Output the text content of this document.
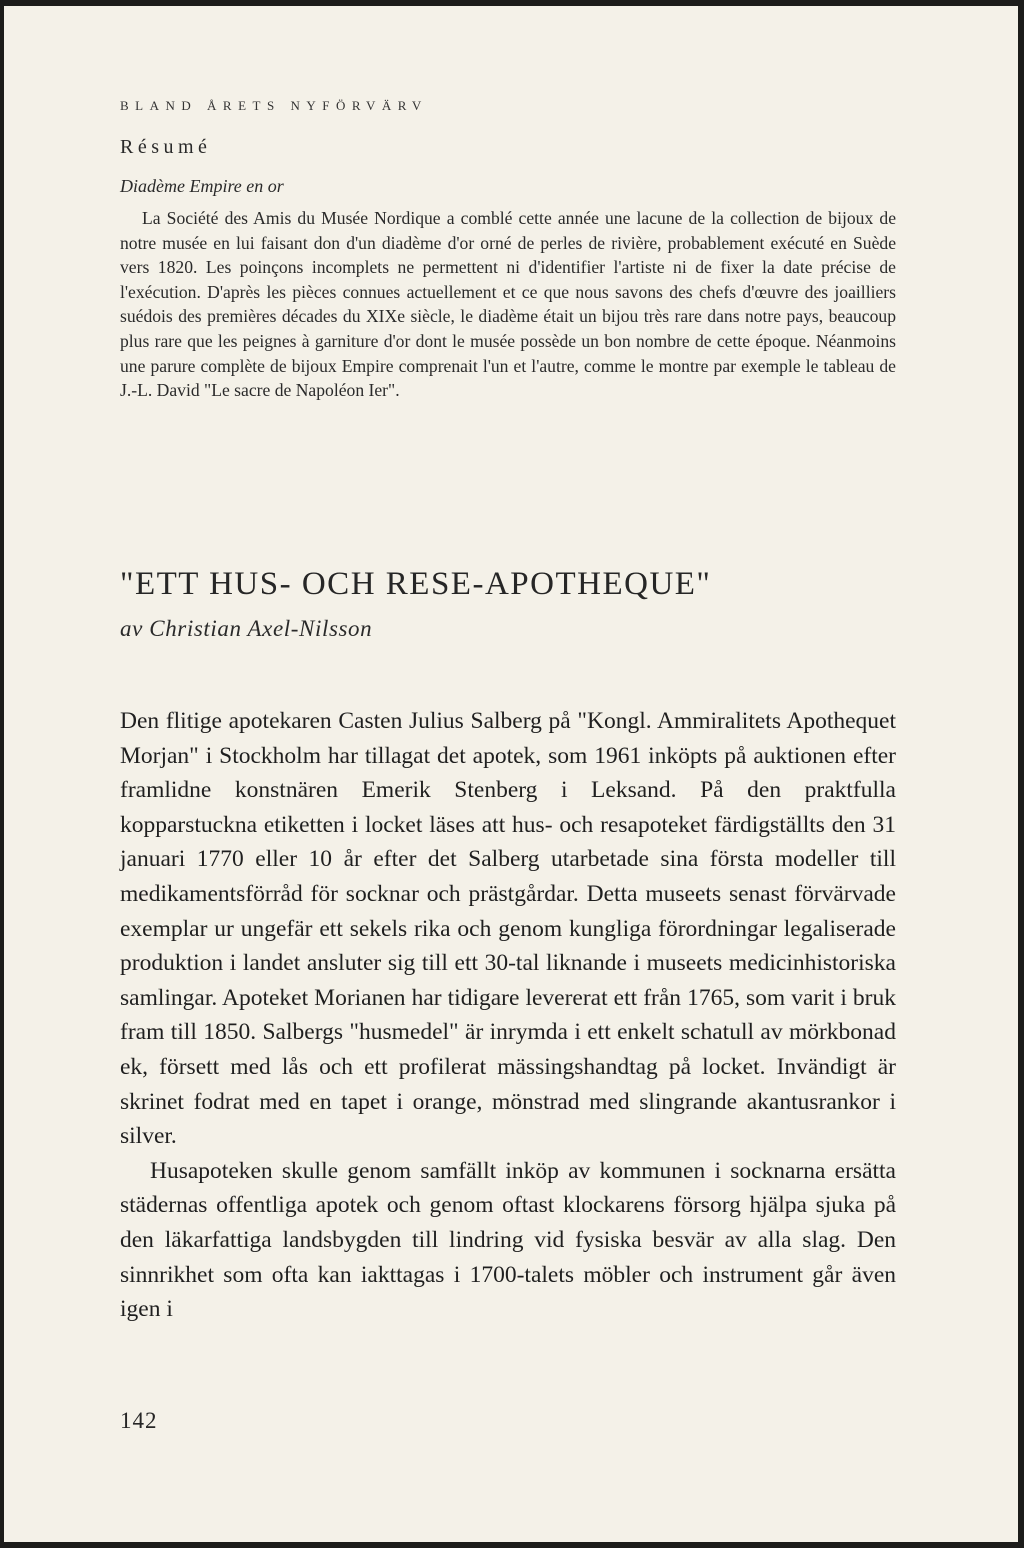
BLAND ÅRETS NYFÖRVÄRV
Résumé
Diadème Empire en or

La Société des Amis du Musée Nordique a comblé cette année une lacune de la collection de bijoux de notre musée en lui faisant don d'un diadème d'or orné de perles de rivière, probablement exécuté en Suède vers 1820. Les poinçons incomplets ne permettent ni d'identifier l'artiste ni de fixer la date précise de l'exécution. D'après les pièces connues actuellement et ce que nous savons des chefs d'œuvre des joailliers suédois des premières décades du XIXe siècle, le diadème était un bijou très rare dans notre pays, beaucoup plus rare que les peignes à garniture d'or dont le musée possède un bon nombre de cette époque. Néanmoins une parure complète de bijoux Empire comprenait l'un et l'autre, comme le montre par exemple le tableau de J.-L. David "Le sacre de Napoléon Ier".

"ETT HUS- OCH RESE-APOTHEQUE"
av Christian Axel-Nilsson

Den flitige apotekaren Casten Julius Salberg på "Kongl. Ammiralitets Apothequet Morjan" i Stockholm har tillagat det apotek, som 1961 inköpts på auktionen efter framlidne konstnären Emerik Stenberg i Leksand. På den praktfulla kopparstuckna etiketten i locket läses att hus- och resapoteket färdigställts den 31 januari 1770 eller 10 år efter det Salberg utarbetade sina första modeller till medikamentsförråd för socknar och prästgårdar. Detta museets senast förvärvade exemplar ur ungefär ett sekels rika och genom kungliga förordningar legaliserade produktion i landet ansluter sig till ett 30-tal liknande i museets medicinhistoriska samlingar. Apoteket Morianen har tidigare levererat ett från 1765, som varit i bruk fram till 1850. Salbergs "husmedel" är inrymda i ett enkelt schatull av mörkbonad ek, försett med lås och ett profilerat mässingshandtag på locket. Invändigt är skrinet fodrat med en tapet i orange, mönstrad med slingrande akantusrankor i silver.

Husapoteken skulle genom samfällt inköp av kommunen i socknarna ersätta städernas offentliga apotek och genom oftast klockarens försorg hjälpa sjuka på den läkarfattiga landsbygden till lindring vid fysiska besvär av alla slag. Den sinnrikhet som ofta kan iakttagas i 1700-talets möbler och instrument går även igen i

142
